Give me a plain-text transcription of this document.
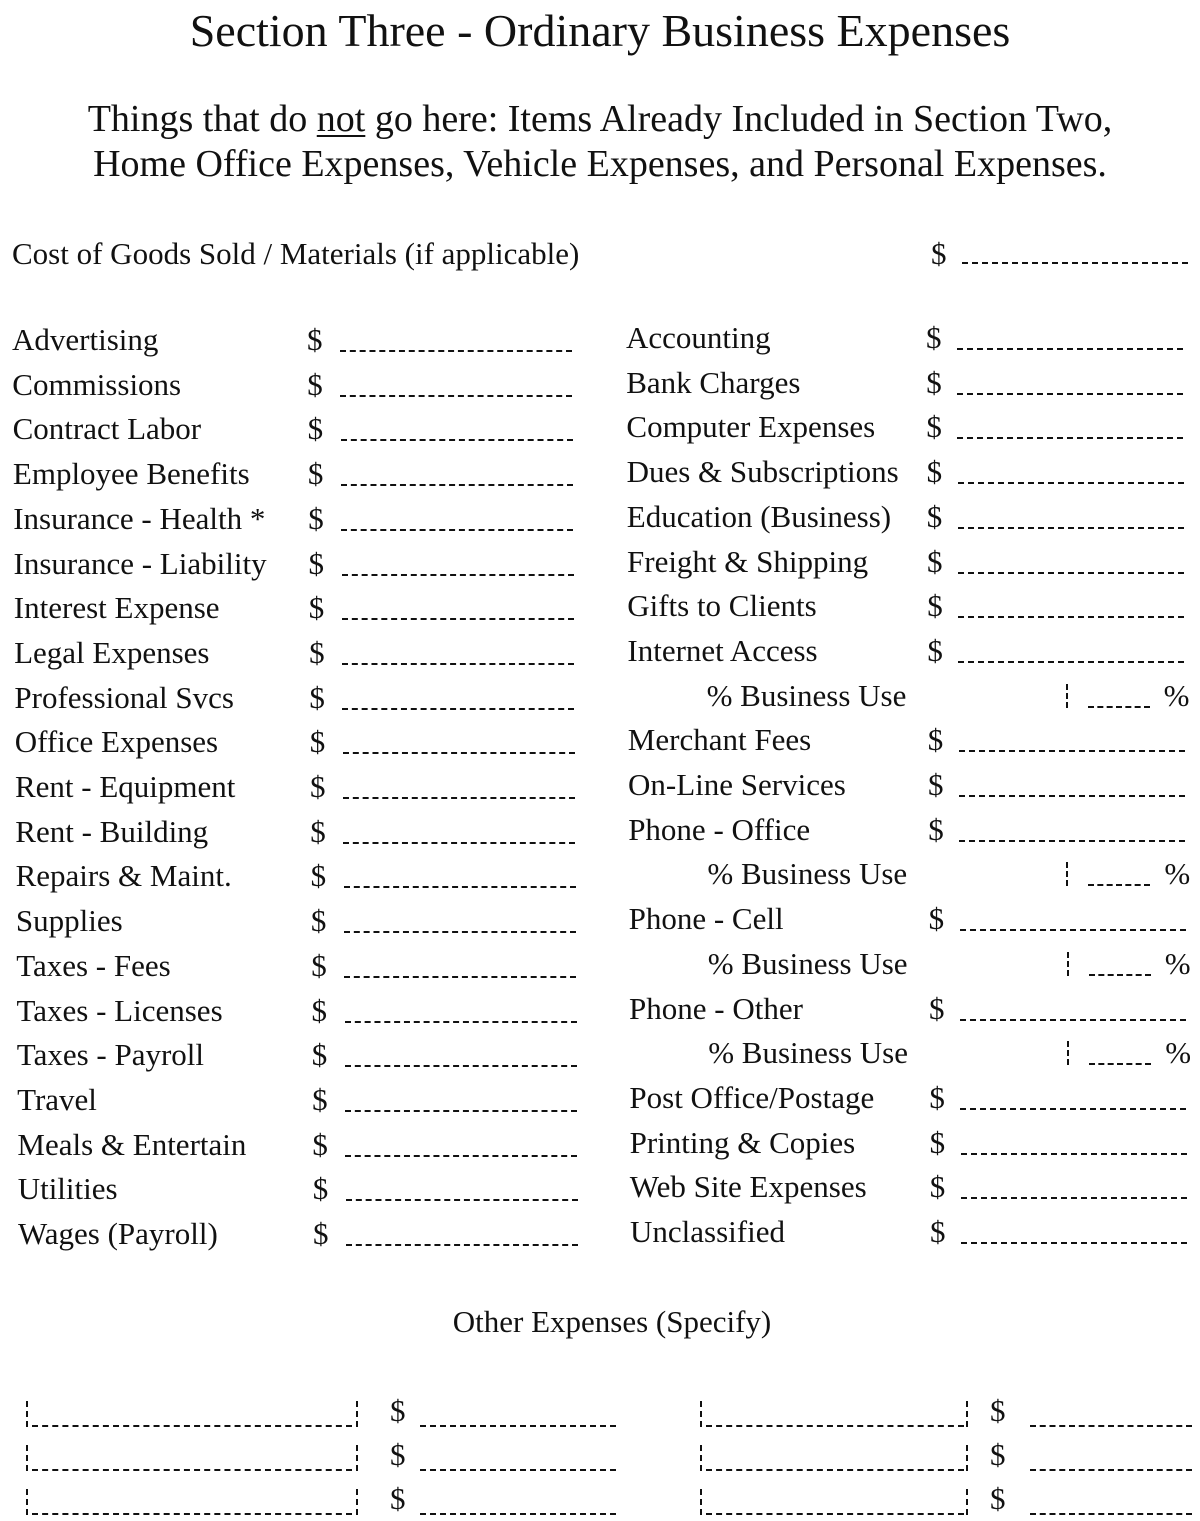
Section Three - Ordinary Business Expenses
Things that do not go here: Items Already Included in Section Two,
Home Office Expenses, Vehicle Expenses, and Personal Expenses.
Cost of Goods Sold / Materials (if applicable)	$
Advertising	$
Commissions	$
Contract Labor	$
Employee Benefits $
Insurance - Health * $
Insurance - Liability $
Interest Expense	$
Legal Expenses	$
Professional Svcs $
Office Expenses	$
Rent - Equipment $
Rent - Building	$
Repairs & Maint.	$
Supplies	$
Taxes - Fees	$
Taxes - Licenses	$
Taxes - Payroll	$
Travel	$
Meals & Entertain $
Utilities	$
Wages (Payroll)	$
Accounting	$
Bank Charges	$
Computer Expenses $
Dues & Subscriptions $
Education (Business) $
Freight & Shipping $
Gifts to Clients	$
Internet Access	$
% Business Use	%
Merchant Fees	$
On-Line Services	$
Phone - Office	$
% Business Use	%
Phone - Cell	$
% Business Use	%
Phone - Other	$
% Business Use	%
Post Office/Postage $
Printing & Copies $
Web Site Expenses $
Unclassified	$
Other Expenses (Specify)
$
$
$
$
$
$
